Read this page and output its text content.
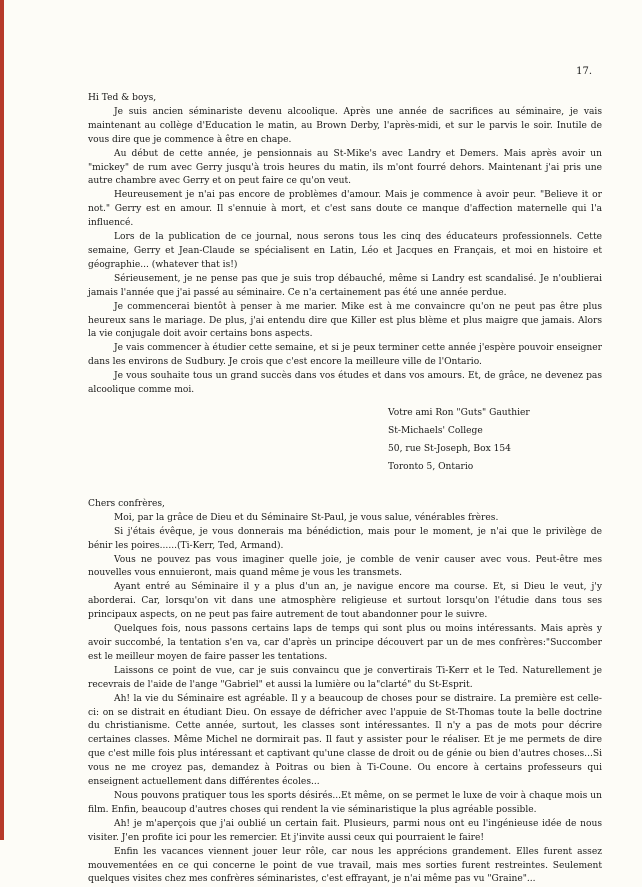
17.

Hi Ted & boys,

Je suis ancien séminariste devenu alcoolique. Après une année de sacrifices au séminaire, je vais maintenant au collège d'Education le matin, au Brown Derby, l'après-midi, et sur le parvis le soir. Inutile de vous dire que je commence à être en chape.

Au début de cette année, je pensionnais au St-Mike's avec Landry et Demers. Mais après avoir un "mickey" de rum avec Gerry jusqu'à trois heures du matin, ils m'ont fourré dehors. Maintenant j'ai pris une autre chambre avec Gerry et on peut faire ce qu'on veut.

Heureusement je n'ai pas encore de problèmes d'amour. Mais je commence à avoir peur. "Believe it or not." Gerry est en amour. Il s'ennuie à mort, et c'est sans doute ce manque d'affection maternelle qui l'a influencé.

Lors de la publication de ce journal, nous serons tous les cinq des éducateurs professionnels. Cette semaine, Gerry et Jean-Claude se spécialisent en Latin, Léo et Jacques en Français, et moi en histoire et géographie... (whatever that is!)

Sérieusement, je ne pense pas que je suis trop débauché, même si Landry est scandalisé. Je n'oublierai jamais l'année que j'ai passé au séminaire. Ce n'a certainement pas été une année perdue.

Je commencerai bientôt à penser à me marier. Mike est à me convaincre qu'on ne peut pas être plus heureux sans le mariage. De plus, j'ai entendu dire que Killer est plus blème et plus maigre que jamais. Alors la vie conjugale doit avoir certains bons aspects.

Je vais commencer à étudier cette semaine, et si je peux terminer cette année j'espère pouvoir enseigner dans les environs de Sudbury. Je crois que c'est encore la meilleure ville de l'Ontario.

Je vous souhaite tous un grand succès dans vos études et dans vos amours. Et, de grâce, ne devenez pas alcoolique comme moi.

Votre ami Ron "Guts" Gauthier
St-Michaels' College
50, rue St-Joseph, Box 154
Toronto 5, Ontario

Chers confrères,

Moi, par la grâce de Dieu et du Séminaire St-Paul, je vous salue, vénérables frères.

Si j'étais évêque, je vous donnerais ma bénédiction, mais pour le moment, je n'ai que le privilège de bénir les poires......(Ti-Kerr, Ted, Armand).

Vous ne pouvez pas vous imaginer quelle joie, je comble de venir causer avec vous. Peut-être mes nouvelles vous ennuieront, mais quand même je vous les transmets.

Ayant entré au Séminaire il y a plus d'un an, je navigue encore ma course. Et, si Dieu le veut, j'y aborderai. Car, lorsqu'on vit dans une atmosphère religieuse et surtout lorsqu'on l'étudie dans tous ses principaux aspects, on ne peut pas faire autrement de tout abandonner pour le suivre.

Quelques fois, nous passons certains laps de temps qui sont plus ou moins intéressants. Mais après y avoir succombé, la tentation s'en va, car d'après un principe découvert par un de mes confrères:"Succomber est le meilleur moyen de faire passer les tentations.

Laissons ce point de vue, car je suis convaincu que je convertirais Ti-Kerr et le Ted. Naturellement je recevrais de l'aide de l'ange "Gabriel" et aussi la lumière ou la"clarté" du St-Esprit.

Ah! la vie du Séminaire est agréable. Il y a beaucoup de choses pour se distraire. La première est celle-ci: on se distrait en étudiant Dieu. On essaye de défricher avec l'appuie de St-Thomas toute la belle doctrine du christianisme. Cette année, surtout, les classes sont intéressantes. Il n'y a pas de mots pour décrire certaines classes. Même Michel ne dormirait pas. Il faut y assister pour le réaliser. Et je me permets de dire que c'est mille fois plus intéressant et captivant qu'une classe de droit ou de génie ou bien d'autres choses...Si vous ne me croyez pas, demandez à Poitras ou bien à Ti-Coune. Ou encore à certains professeurs qui enseignent actuellement dans différentes écoles...

Nous pouvons pratiquer tous les sports désirés...Et même, on se permet le luxe de voir à chaque mois un film. Enfin, beaucoup d'autres choses qui rendent la vie séminaristique la plus agréable possible.

Ah! je m'aperçois que j'ai oublié un certain fait. Plusieurs, parmi nous ont eu l'ingénieuse idée de nous visiter. J'en profite ici pour les remercier. Et j'invite aussi ceux qui pourraient le faire!

Enfin les vacances viennent jouer leur rôle, car nous les apprécions grandement. Elles furent assez mouvementées en ce qui concerne le point de vue travail, mais mes sorties furent restreintes. Seulement quelques visites chez mes confrères séminaristes, c'est effrayant, je n'ai même pas vu "Graine"...
